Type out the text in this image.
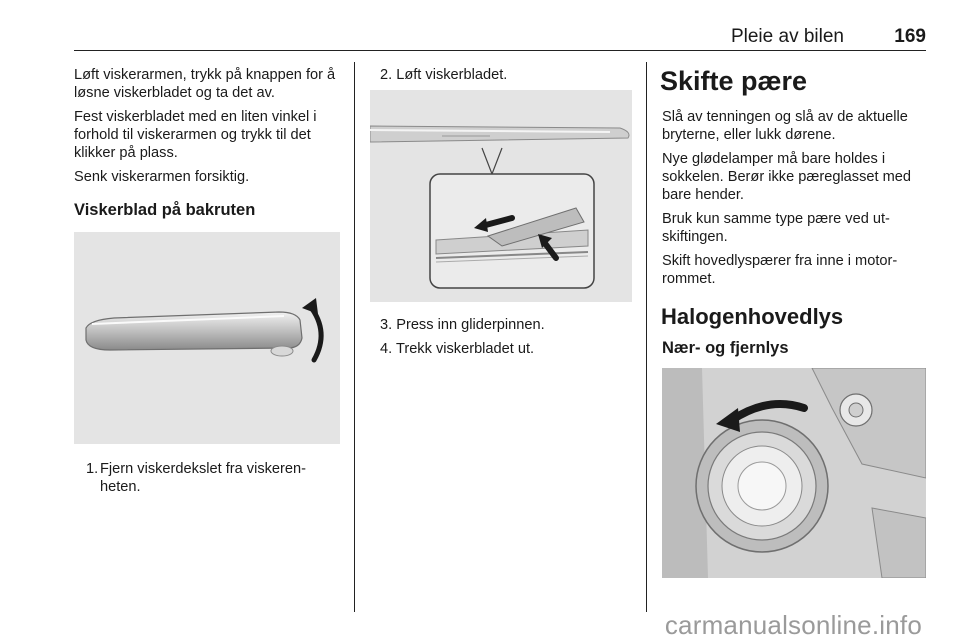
Pleie av bilen	169

Løft viskerarmen, trykk på knappen for å løsne viskerbladet og ta det av.

Fest viskerbladet med en liten vinkel i forhold til viskerarmen og trykk til det klikker på plass.

Senk viskerarmen forsiktig.

Viskerblad på bakruten
1. Fjern viskerdekslet fra viskeren- heten.
2. Løft viskerbladet.
3. Press inn gliderpinnen.
4. Trekk viskerbladet ut.
Skifte pære

Slå av tenningen og slå av de aktuelle bryterne, eller lukk dørene.

Nye glødelamper må bare holdes i sokkelen. Berør ikke pæreglasset med bare hender.

Bruk kun samme type pære ved ut- skiftingen.

Skift hovedlyspærer fra inne i motor- rommet.

Halogenhovedlys
Nær- og fjernlys
carmanualsonline.info
